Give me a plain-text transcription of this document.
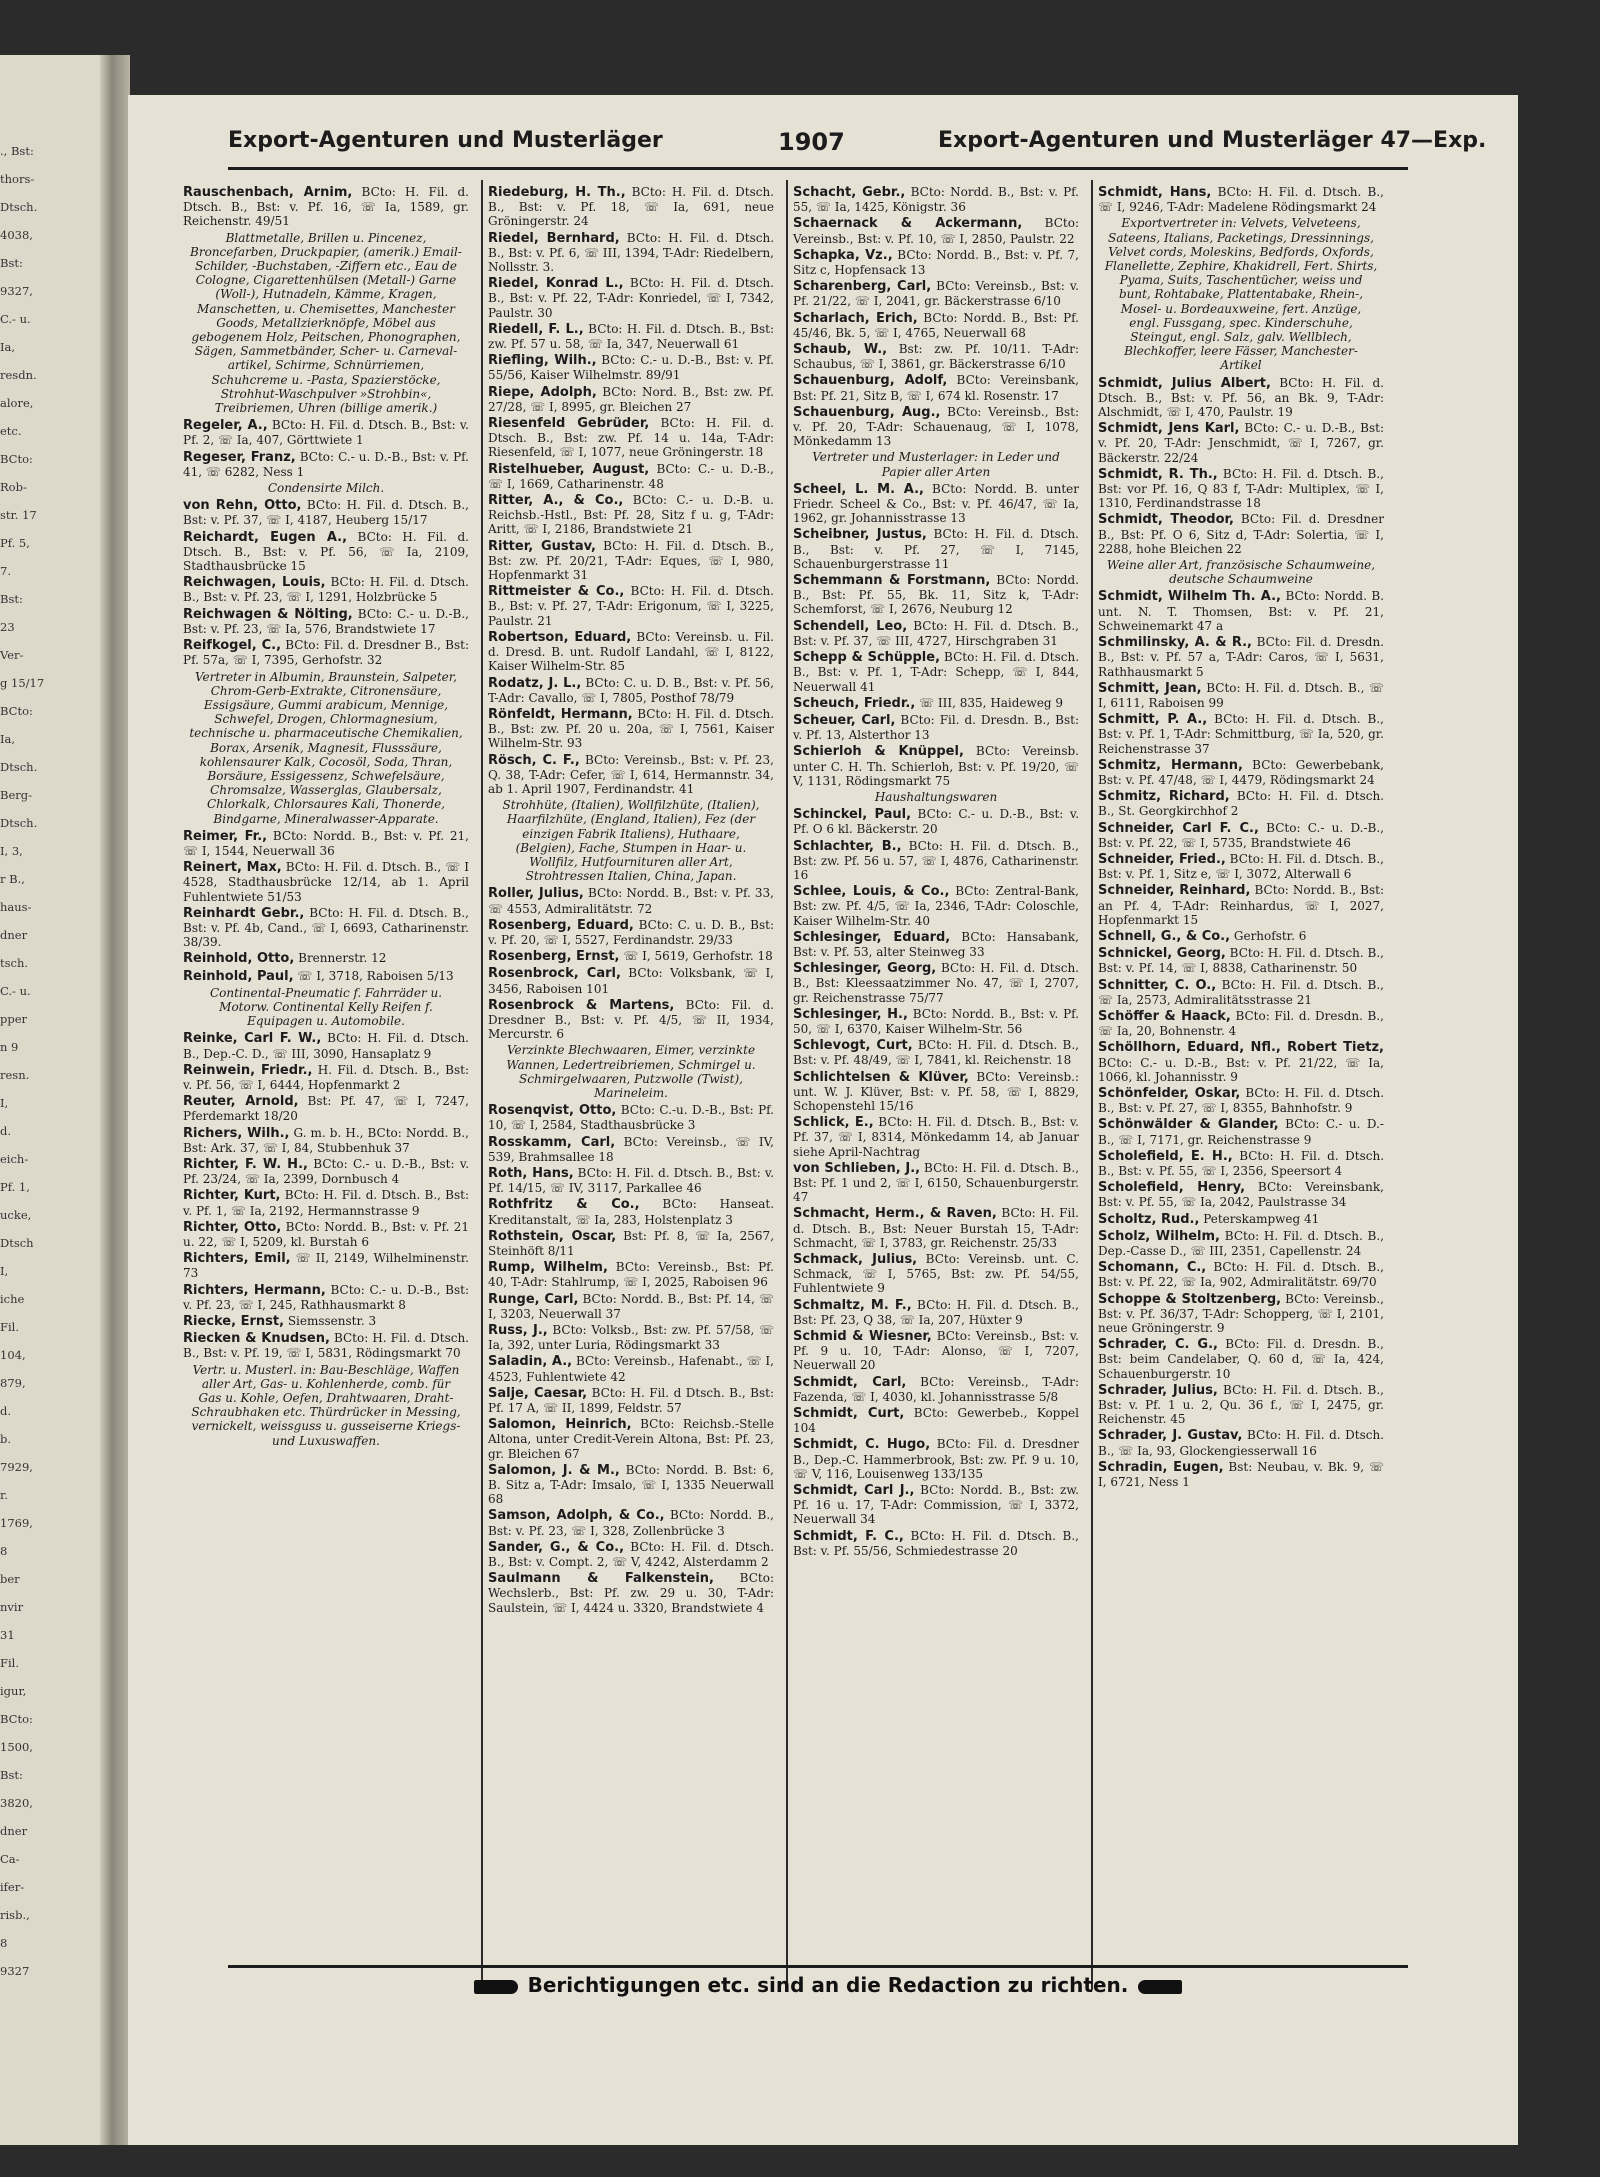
., Bst:
thors-
Dtsch.
4038,
Bst:
9327,
C.- u.
Ia,
resdn.
alore,
etc.
BCto:
Rob-
str. 17
Pf. 5,
7.
Bst:
23
Ver-
g 15/17
BCto:
Ia,
Dtsch.
Berg-
Dtsch.
I, 3,
r B.,
haus-
dner
tsch.
C.- u.
pper
n 9
resn.
I,
d.
eich-
Pf. 1,
ucke,
Dtsch
I,
iche
Fil.
104,
879,
d.
b.
7929,
r.
1769,
8
ber
nvir
31
Fil.
igur,
BCto:
1500,
Bst:
3820,
dner
Ca-
ifer-
risb.,
8
9327
Export-Agenturen und Musterläger	1907	Export-Agenturen und Musterläger 47—Exp.
Rauschenbach, Arnim, BCto: H. Fil. d. Dtsch. B., Bst: v. Pf. 16, ☏ Ia, 1589, gr. Reichenstr. 49/51
Blattmetalle, Brillen u. Pincenez, Broncefarben, Druckpapier, (amerik.) Email-Schilder, -Buchstaben, -Ziffern etc., Eau de Cologne, Cigarettenhülsen (Metall-) Garne (Woll-), Hutnadeln, Kämme, Kragen, Manschetten, u. Chemisettes, Manchester Goods, Metallzierknöpfe, Möbel aus gebogenem Holz, Peitschen, Phonographen, Sägen, Sammetbänder, Scher- u. Carneval-artikel, Schirme, Schnürriemen, Schuhcreme u. -Pasta, Spazierstöcke, Strohhut-Waschpulver »Strohbin«, Treibriemen, Uhren (billige amerik.)
Regeler, A., BCto: H. Fil. d. Dtsch. B., Bst: v. Pf. 2, ☏ Ia, 407, Görttwiete 1
Regeser, Franz, BCto: C.- u. D.-B., Bst: v. Pf. 41, ☏ 6282, Ness 1
Condensirte Milch.
von Rehn, Otto, BCto: H. Fil. d. Dtsch. B., Bst: v. Pf. 37, ☏ I, 4187, Heuberg 15/17
Reichardt, Eugen A., BCto: H. Fil. d. Dtsch. B., Bst: v. Pf. 56, ☏ Ia, 2109, Stadthausbrücke 15
Reichwagen, Louis, BCto: H. Fil. d. Dtsch. B., Bst: v. Pf. 23, ☏ I, 1291, Holzbrücke 5
Reichwagen & Nölting, BCto: C.- u. D.-B., Bst: v. Pf. 23, ☏ Ia, 576, Brandstwiete 17
Reifkogel, C., BCto: Fil. d. Dresdner B., Bst: Pf. 57a, ☏ I, 7395, Gerhofstr. 32
Vertreter in Albumin, Braunstein, Salpeter, Chrom-Gerb-Extrakte, Citronensäure, Essigsäure, Gummi arabicum, Mennige, Schwefel, Drogen, Chlormagnesium, technische u. pharmaceutische Chemikalien, Borax, Arsenik, Magnesit, Flusssäure, kohlensaurer Kalk, Cocosöl, Soda, Thran, Borsäure, Essigessenz, Schwefelsäure, Chromsalze, Wasserglas, Glaubersalz, Chlorkalk, Chlorsaures Kali, Thonerde, Bindgarne, Mineralwasser-Apparate.
Reimer, Fr., BCto: Nordd. B., Bst: v. Pf. 21, ☏ I, 1544, Neuerwall 36
Reinert, Max, BCto: H. Fil. d. Dtsch. B., ☏ I 4528, Stadthausbrücke 12/14, ab 1. April Fuhlentwiete 51/53
Reinhardt Gebr., BCto: H. Fil. d. Dtsch. B., Bst: v. Pf. 4b, Cand., ☏ I, 6693, Catharinenstr. 38/39.
Reinhold, Otto, Brennerstr. 12
Reinhold, Paul, ☏ I, 3718, Raboisen 5/13
Continental-Pneumatic f. Fahrräder u. Motorw. Continental Kelly Reifen f. Equipagen u. Automobile.
Reinke, Carl F. W., BCto: H. Fil. d. Dtsch. B., Dep.-C. D., ☏ III, 3090, Hansaplatz 9
Reinwein, Friedr., H. Fil. d. Dtsch. B., Bst: v. Pf. 56, ☏ I, 6444, Hopfenmarkt 2
Reuter, Arnold, Bst: Pf. 47, ☏ I, 7247, Pferdemarkt 18/20
Richers, Wilh., G. m. b. H., BCto: Nordd. B., Bst: Ark. 37, ☏ I, 84, Stubbenhuk 37
Richter, F. W. H., BCto: C.- u. D.-B., Bst: v. Pf. 23/24, ☏ Ia, 2399, Dornbusch 4
Richter, Kurt, BCto: H. Fil. d. Dtsch. B., Bst: v. Pf. 1, ☏ Ia, 2192, Hermannstrasse 9
Richter, Otto, BCto: Nordd. B., Bst: v. Pf. 21 u. 22, ☏ I, 5209, kl. Burstah 6
Richters, Emil, ☏ II, 2149, Wilhelminenstr. 73
Richters, Hermann, BCto: C.- u. D.-B., Bst: v. Pf. 23, ☏ I, 245, Rathhausmarkt 8
Riecke, Ernst, Siemssenstr. 3
Riecken & Knudsen, BCto: H. Fil. d. Dtsch. B., Bst: v. Pf. 19, ☏ I, 5831, Rödingsmarkt 70
Vertr. u. Musterl. in: Bau-Beschläge, Waffen aller Art, Gas- u. Kohlenherde, comb. für Gas u. Kohle, Oefen, Drahtwaaren, Draht-Schraubhaken etc. Thürdrücker in Messing, vernickelt, weissguss u. gusseiserne Kriegs- und Luxuswaffen.
Riedeburg, H. Th., BCto: H. Fil. d. Dtsch. B., Bst: v. Pf. 18, ☏ Ia, 691, neue Gröningerstr. 24
Riedel, Bernhard, BCto: H. Fil. d. Dtsch. B., Bst: v. Pf. 6, ☏ III, 1394, T-Adr: Riedelbern, Nollsstr. 3.
Riedel, Konrad L., BCto: H. Fil. d. Dtsch. B., Bst: v. Pf. 22, T-Adr: Konriedel, ☏ I, 7342, Paulstr. 30
Riedell, F. L., BCto: H. Fil. d. Dtsch. B., Bst: zw. Pf. 57 u. 58, ☏ Ia, 347, Neuerwall 61
Riefling, Wilh., BCto: C.- u. D.-B., Bst: v. Pf. 55/56, Kaiser Wilhelmstr. 89/91
Riepe, Adolph, BCto: Nord. B., Bst: zw. Pf. 27/28, ☏ I, 8995, gr. Bleichen 27
Riesenfeld Gebrüder, BCto: H. Fil. d. Dtsch. B., Bst: zw. Pf. 14 u. 14a, T-Adr: Riesenfeld, ☏ I, 1077, neue Gröningerstr. 18
Ristelhueber, August, BCto: C.- u. D.-B., ☏ I, 1669, Catharinenstr. 48
Ritter, A., & Co., BCto: C.- u. D.-B. u. Reichsb.-Hstl., Bst: Pf. 28, Sitz f u. g, T-Adr: Aritt, ☏ I, 2186, Brandstwiete 21
Ritter, Gustav, BCto: H. Fil. d. Dtsch. B., Bst: zw. Pf. 20/21, T-Adr: Eques, ☏ I, 980, Hopfenmarkt 31
Rittmeister & Co., BCto: H. Fil. d. Dtsch. B., Bst: v. Pf. 27, T-Adr: Erigonum, ☏ I, 3225, Paulstr. 21
Robertson, Eduard, BCto: Vereinsb. u. Fil. d. Dresd. B. unt. Rudolf Landahl, ☏ I, 8122, Kaiser Wilhelm-Str. 85
Rodatz, J. L., BCto: C. u. D. B., Bst: v. Pf. 56, T-Adr: Cavallo, ☏ I, 7805, Posthof 78/79
Rönfeldt, Hermann, BCto: H. Fil. d. Dtsch. B., Bst: zw. Pf. 20 u. 20a, ☏ I, 7561, Kaiser Wilhelm-Str. 93
Rösch, C. F., BCto: Vereinsb., Bst: v. Pf. 23, Q. 38, T-Adr: Cefer, ☏ I, 614, Hermannstr. 34, ab 1. April 1907, Ferdinandstr. 41
Strohhüte, (Italien), Wollfilzhüte, (Italien), Haarfilzhüte, (England, Italien), Fez (der einzigen Fabrik Italiens), Huthaare, (Belgien), Fache, Stumpen in Haar- u. Wollfilz, Hutfournituren aller Art, Strohtressen Italien, China, Japan.
Roller, Julius, BCto: Nordd. B., Bst: v. Pf. 33, ☏ 4553, Admiralitätstr. 72
Rosenberg, Eduard, BCto: C. u. D. B., Bst: v. Pf. 20, ☏ I, 5527, Ferdinandstr. 29/33
Rosenberg, Ernst, ☏ I, 5619, Gerhofstr. 18
Rosenbrock, Carl, BCto: Volksbank, ☏ I, 3456, Raboisen 101
Rosenbrock & Martens, BCto: Fil. d. Dresdner B., Bst: v. Pf. 4/5, ☏ II, 1934, Mercurstr. 6
Verzinkte Blechwaaren, Eimer, verzinkte Wannen, Ledertreibriemen, Schmirgel u. Schmirgelwaaren, Putzwolle (Twist), Marineleim.
Rosenqvist, Otto, BCto: C.-u. D.-B., Bst: Pf. 10, ☏ I, 2584, Stadthausbrücke 3
Rosskamm, Carl, BCto: Vereinsb., ☏ IV, 539, Brahmsallee 18
Roth, Hans, BCto: H. Fil. d. Dtsch. B., Bst: v. Pf. 14/15, ☏ IV, 3117, Parkallee 46
Rothfritz & Co., BCto: Hanseat. Kreditanstalt, ☏ Ia, 283, Holstenplatz 3
Rothstein, Oscar, Bst: Pf. 8, ☏ Ia, 2567, Steinhöft 8/11
Rump, Wilhelm, BCto: Vereinsb., Bst: Pf. 40, T-Adr: Stahlrump, ☏ I, 2025, Raboisen 96
Runge, Carl, BCto: Nordd. B., Bst: Pf. 14, ☏ I, 3203, Neuerwall 37
Russ, J., BCto: Volksb., Bst: zw. Pf. 57/58, ☏ Ia, 392, unter Luria, Rödingsmarkt 33
Saladin, A., BCto: Vereinsb., Hafenabt., ☏ I, 4523, Fuhlentwiete 42
Salje, Caesar, BCto: H. Fil. d Dtsch. B., Bst: Pf. 17 A, ☏ II, 1899, Feldstr. 57
Salomon, Heinrich, BCto: Reichsb.-Stelle Altona, unter Credit-Verein Altona, Bst: Pf. 23, gr. Bleichen 67
Salomon, J. & M., BCto: Nordd. B. Bst: 6, B. Sitz a, T-Adr: Imsalo, ☏ I, 1335 Neuerwall 68
Samson, Adolph, & Co., BCto: Nordd. B., Bst: v. Pf. 23, ☏ I, 328, Zollenbrücke 3
Sander, G., & Co., BCto: H. Fil. d. Dtsch. B., Bst: v. Compt. 2, ☏ V, 4242, Alsterdamm 2
Saulmann & Falkenstein, BCto: Wechslerb., Bst: Pf. zw. 29 u. 30, T-Adr: Saulstein, ☏ I, 4424 u. 3320, Brandstwiete 4
Schacht, Gebr., BCto: Nordd. B., Bst: v. Pf. 55, ☏ Ia, 1425, Königstr. 36
Schaernack & Ackermann, BCto: Vereinsb., Bst: v. Pf. 10, ☏ I, 2850, Paulstr. 22
Schapka, Vz., BCto: Nordd. B., Bst: v. Pf. 7, Sitz c, Hopfensack 13
Scharenberg, Carl, BCto: Vereinsb., Bst: v. Pf. 21/22, ☏ I, 2041, gr. Bäckerstrasse 6/10
Scharlach, Erich, BCto: Nordd. B., Bst: Pf. 45/46, Bk. 5, ☏ I, 4765, Neuerwall 68
Schaub, W., Bst: zw. Pf. 10/11. T-Adr: Schaubus, ☏ I, 3861, gr. Bäckerstrasse 6/10
Schauenburg, Adolf, BCto: Vereinsbank, Bst: Pf. 21, Sitz B, ☏ I, 674 kl. Rosenstr. 17
Schauenburg, Aug., BCto: Vereinsb., Bst: v. Pf. 20, T-Adr: Schauenaug, ☏ I, 1078, Mönkedamm 13
Vertreter und Musterlager: in Leder und Papier aller Arten
Scheel, L. M. A., BCto: Nordd. B. unter Friedr. Scheel & Co., Bst: v. Pf. 46/47, ☏ Ia, 1962, gr. Johannisstrasse 13
Scheibner, Justus, BCto: H. Fil. d. Dtsch. B., Bst: v. Pf. 27, ☏ I, 7145, Schauenburgerstrasse 11
Schemmann & Forstmann, BCto: Nordd. B., Bst: Pf. 55, Bk. 11, Sitz k, T-Adr: Schemforst, ☏ I, 2676, Neuburg 12
Schendell, Leo, BCto: H. Fil. d. Dtsch. B., Bst: v. Pf. 37, ☏ III, 4727, Hirschgraben 31
Schepp & Schüpple, BCto: H. Fil. d. Dtsch. B., Bst: v. Pf. 1, T-Adr: Schepp, ☏ I, 844, Neuerwall 41
Scheuch, Friedr., ☏ III, 835, Haideweg 9
Scheuer, Carl, BCto: Fil. d. Dresdn. B., Bst: v. Pf. 13, Alsterthor 13
Schierloh & Knüppel, BCto: Vereinsb. unter C. H. Th. Schierloh, Bst: v. Pf. 19/20, ☏ V, 1131, Rödingsmarkt 75
Haushaltungswaren
Schinckel, Paul, BCto: C.- u. D.-B., Bst: v. Pf. O 6 kl. Bäckerstr. 20
Schlachter, B., BCto: H. Fil. d. Dtsch. B., Bst: zw. Pf. 56 u. 57, ☏ I, 4876, Catharinenstr. 16
Schlee, Louis, & Co., BCto: Zentral-Bank, Bst: zw. Pf. 4/5, ☏ Ia, 2346, T-Adr: Coloschle, Kaiser Wilhelm-Str. 40
Schlesinger, Eduard, BCto: Hansabank, Bst: v. Pf. 53, alter Steinweg 33
Schlesinger, Georg, BCto: H. Fil. d. Dtsch. B., Bst: Kleessaatzimmer No. 47, ☏ I, 2707, gr. Reichenstrasse 75/77
Schlesinger, H., BCto: Nordd. B., Bst: v. Pf. 50, ☏ I, 6370, Kaiser Wilhelm-Str. 56
Schlevogt, Curt, BCto: H. Fil. d. Dtsch. B., Bst: v. Pf. 48/49, ☏ I, 7841, kl. Reichenstr. 18
Schlichtelsen & Klüver, BCto: Vereinsb.: unt. W. J. Klüver, Bst: v. Pf. 58, ☏ I, 8829, Schopenstehl 15/16
Schlick, E., BCto: H. Fil. d. Dtsch. B., Bst: v. Pf. 37, ☏ I, 8314, Mönkedamm 14, ab Januar siehe April-Nachtrag
von Schlieben, J., BCto: H. Fil. d. Dtsch. B., Bst: Pf. 1 und 2, ☏ I, 6150, Schauenburgerstr. 47
Schmacht, Herm., & Raven, BCto: H. Fil. d. Dtsch. B., Bst: Neuer Burstah 15, T-Adr: Schmacht, ☏ I, 3783, gr. Reichenstr. 25/33
Schmack, Julius, BCto: Vereinsb. unt. C. Schmack, ☏ I, 5765, Bst: zw. Pf. 54/55, Fuhlentwiete 9
Schmaltz, M. F., BCto: H. Fil. d. Dtsch. B., Bst: Pf. 23, Q 38, ☏ Ia, 207, Hüxter 9
Schmid & Wiesner, BCto: Vereinsb., Bst: v. Pf. 9 u. 10, T-Adr: Alonso, ☏ I, 7207, Neuerwall 20
Schmidt, Carl, BCto: Vereinsb., T-Adr: Fazenda, ☏ I, 4030, kl. Johannisstrasse 5/8
Schmidt, Curt, BCto: Gewerbeb., Koppel 104
Schmidt, C. Hugo, BCto: Fil. d. Dresdner B., Dep.-C. Hammerbrook, Bst: zw. Pf. 9 u. 10, ☏ V, 116, Louisenweg 133/135
Schmidt, Carl J., BCto: Nordd. B., Bst: zw. Pf. 16 u. 17, T-Adr: Commission, ☏ I, 3372, Neuerwall 34
Schmidt, F. C., BCto: H. Fil. d. Dtsch. B., Bst: v. Pf. 55/56, Schmiedestrasse 20
Schmidt, Hans, BCto: H. Fil. d. Dtsch. B., ☏ I, 9246, T-Adr: Madelene Rödingsmarkt 24
Exportvertreter in: Velvets, Velveteens, Sateens, Italians, Packetings, Dressinnings, Velvet cords, Moleskins, Bedfords, Oxfords, Flanellette, Zephire, Khakidrell, Fert. Shirts, Pyama, Suits, Taschentücher, weiss und bunt, Rohtabake, Plattentabake, Rhein-, Mosel- u. Bordeauxweine, fert. Anzüge, engl. Fussgang, spec. Kinderschuhe, Steingut, engl. Salz, galv. Wellblech, Blechkoffer, leere Fässer, Manchester-Artikel
Schmidt, Julius Albert, BCto: H. Fil. d. Dtsch. B., Bst: v. Pf. 56, an Bk. 9, T-Adr: Alschmidt, ☏ I, 470, Paulstr. 19
Schmidt, Jens Karl, BCto: C.- u. D.-B., Bst: v. Pf. 20, T-Adr: Jenschmidt, ☏ I, 7267, gr. Bäckerstr. 22/24
Schmidt, R. Th., BCto: H. Fil. d. Dtsch. B., Bst: vor Pf. 16, Q 83 f, T-Adr: Multiplex, ☏ I, 1310, Ferdinandstrasse 18
Schmidt, Theodor, BCto: Fil. d. Dresdner B., Bst: Pf. O 6, Sitz d, T-Adr: Solertia, ☏ I, 2288, hohe Bleichen 22
Weine aller Art, französische Schaumweine, deutsche Schaumweine
Schmidt, Wilhelm Th. A., BCto: Nordd. B. unt. N. T. Thomsen, Bst: v. Pf. 21, Schweinemarkt 47 a
Schmilinsky, A. & R., BCto: Fil. d. Dresdn. B., Bst: v. Pf. 57 a, T-Adr: Caros, ☏ I, 5631, Rathhausmarkt 5
Schmitt, Jean, BCto: H. Fil. d. Dtsch. B., ☏ I, 6111, Raboisen 99
Schmitt, P. A., BCto: H. Fil. d. Dtsch. B., Bst: v. Pf. 1, T-Adr: Schmittburg, ☏ Ia, 520, gr. Reichenstrasse 37
Schmitz, Hermann, BCto: Gewerbebank, Bst: v. Pf. 47/48, ☏ I, 4479, Rödingsmarkt 24
Schmitz, Richard, BCto: H. Fil. d. Dtsch. B., St. Georgkirchhof 2
Schneider, Carl F. C., BCto: C.- u. D.-B., Bst: v. Pf. 22, ☏ I, 5735, Brandstwiete 46
Schneider, Fried., BCto: H. Fil. d. Dtsch. B., Bst: v. Pf. 1, Sitz e, ☏ I, 3072, Alterwall 6
Schneider, Reinhard, BCto: Nordd. B., Bst: an Pf. 4, T-Adr: Reinhardus, ☏ I, 2027, Hopfenmarkt 15
Schnell, G., & Co., Gerhofstr. 6
Schnickel, Georg, BCto: H. Fil. d. Dtsch. B., Bst: v. Pf. 14, ☏ I, 8838, Catharinenstr. 50
Schnitter, C. O., BCto: H. Fil. d. Dtsch. B., ☏ Ia, 2573, Admiralitätsstrasse 21
Schöffer & Haack, BCto: Fil. d. Dresdn. B., ☏ Ia, 20, Bohnenstr. 4
Schöllhorn, Eduard, Nfl., Robert Tietz, BCto: C.- u. D.-B., Bst: v. Pf. 21/22, ☏ Ia, 1066, kl. Johannisstr. 9
Schönfelder, Oskar, BCto: H. Fil. d. Dtsch. B., Bst: v. Pf. 27, ☏ I, 8355, Bahnhofstr. 9
Schönwälder & Glander, BCto: C.- u. D.-B., ☏ I, 7171, gr. Reichenstrasse 9
Scholefield, E. H., BCto: H. Fil. d. Dtsch. B., Bst: v. Pf. 55, ☏ I, 2356, Speersort 4
Scholefield, Henry, BCto: Vereinsbank, Bst: v. Pf. 55, ☏ Ia, 2042, Paulstrasse 34
Scholtz, Rud., Peterskampweg 41
Scholz, Wilhelm, BCto: H. Fil. d. Dtsch. B., Dep.-Casse D., ☏ III, 2351, Capellenstr. 24
Schomann, C., BCto: H. Fil. d. Dtsch. B., Bst: v. Pf. 22, ☏ Ia, 902, Admiralitätstr. 69/70
Schoppe & Stoltzenberg, BCto: Vereinsb., Bst: v. Pf. 36/37, T-Adr: Schopperg, ☏ I, 2101, neue Gröningerstr. 9
Schrader, C. G., BCto: Fil. d. Dresdn. B., Bst: beim Candelaber, Q. 60 d, ☏ Ia, 424, Schauenburgerstr. 10
Schrader, Julius, BCto: H. Fil. d. Dtsch. B., Bst: v. Pf. 1 u. 2, Qu. 36 f., ☏ I, 2475, gr. Reichenstr. 45
Schrader, J. Gustav, BCto: H. Fil. d. Dtsch. B., ☏ Ia, 93, Glockengiesserwall 16
Schradin, Eugen, Bst: Neubau, v. Bk. 9, ☏ I, 6721, Ness 1
Berichtigungen etc. sind an die Redaction zu richten.
